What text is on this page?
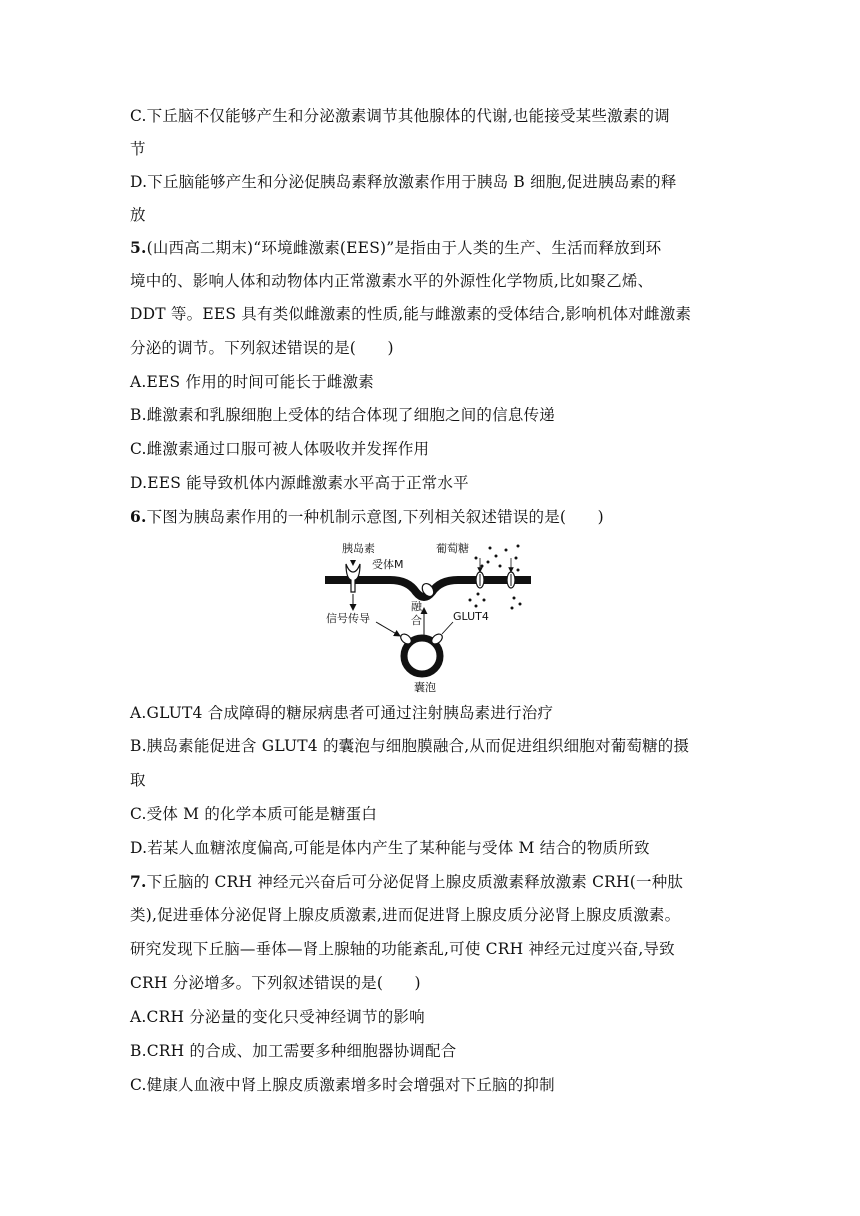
C.下丘脑不仅能够产生和分泌激素调节其他腺体的代谢,也能接受某些激素的调
节
D.下丘脑能够产生和分泌促胰岛素释放激素作用于胰岛 B 细胞,促进胰岛素的释
放
5.(山西高二期末)“环境雌激素(EES)”是指由于人类的生产、生活而释放到环
境中的、影响人体和动物体内正常激素水平的外源性化学物质,比如聚乙烯、
DDT 等。EES 具有类似雌激素的性质,能与雌激素的受体结合,影响机体对雌激素
分泌的调节。下列叙述错误的是(　　)
A.EES 作用的时间可能长于雌激素
B.雌激素和乳腺细胞上受体的结合体现了细胞之间的信息传递
C.雌激素通过口服可被人体吸收并发挥作用
D.EES 能导致机体内源雌激素水平高于正常水平
6.下图为胰岛素作用的一种机制示意图,下列相关叙述错误的是(　　)
A.GLUT4 合成障碍的糖尿病患者可通过注射胰岛素进行治疗
B.胰岛素能促进含 GLUT4 的囊泡与细胞膜融合,从而促进组织细胞对葡萄糖的摄
取
C.受体 M 的化学本质可能是糖蛋白
D.若某人血糖浓度偏高,可能是体内产生了某种能与受体 M 结合的物质所致
7.下丘脑的 CRH 神经元兴奋后可分泌促肾上腺皮质激素释放激素 CRH(一种肽
类),促进垂体分泌促肾上腺皮质激素,进而促进肾上腺皮质分泌肾上腺皮质激素。
研究发现下丘脑—垂体—肾上腺轴的功能紊乱,可使 CRH 神经元过度兴奋,导致
CRH 分泌增多。下列叙述错误的是(　　)
A.CRH 分泌量的变化只受神经调节的影响
B.CRH 的合成、加工需要多种细胞器协调配合
C.健康人血液中肾上腺皮质激素增多时会增强对下丘脑的抑制
胰岛素
受体M
葡萄糖
信号传导
融
合	GLUT4
囊泡
